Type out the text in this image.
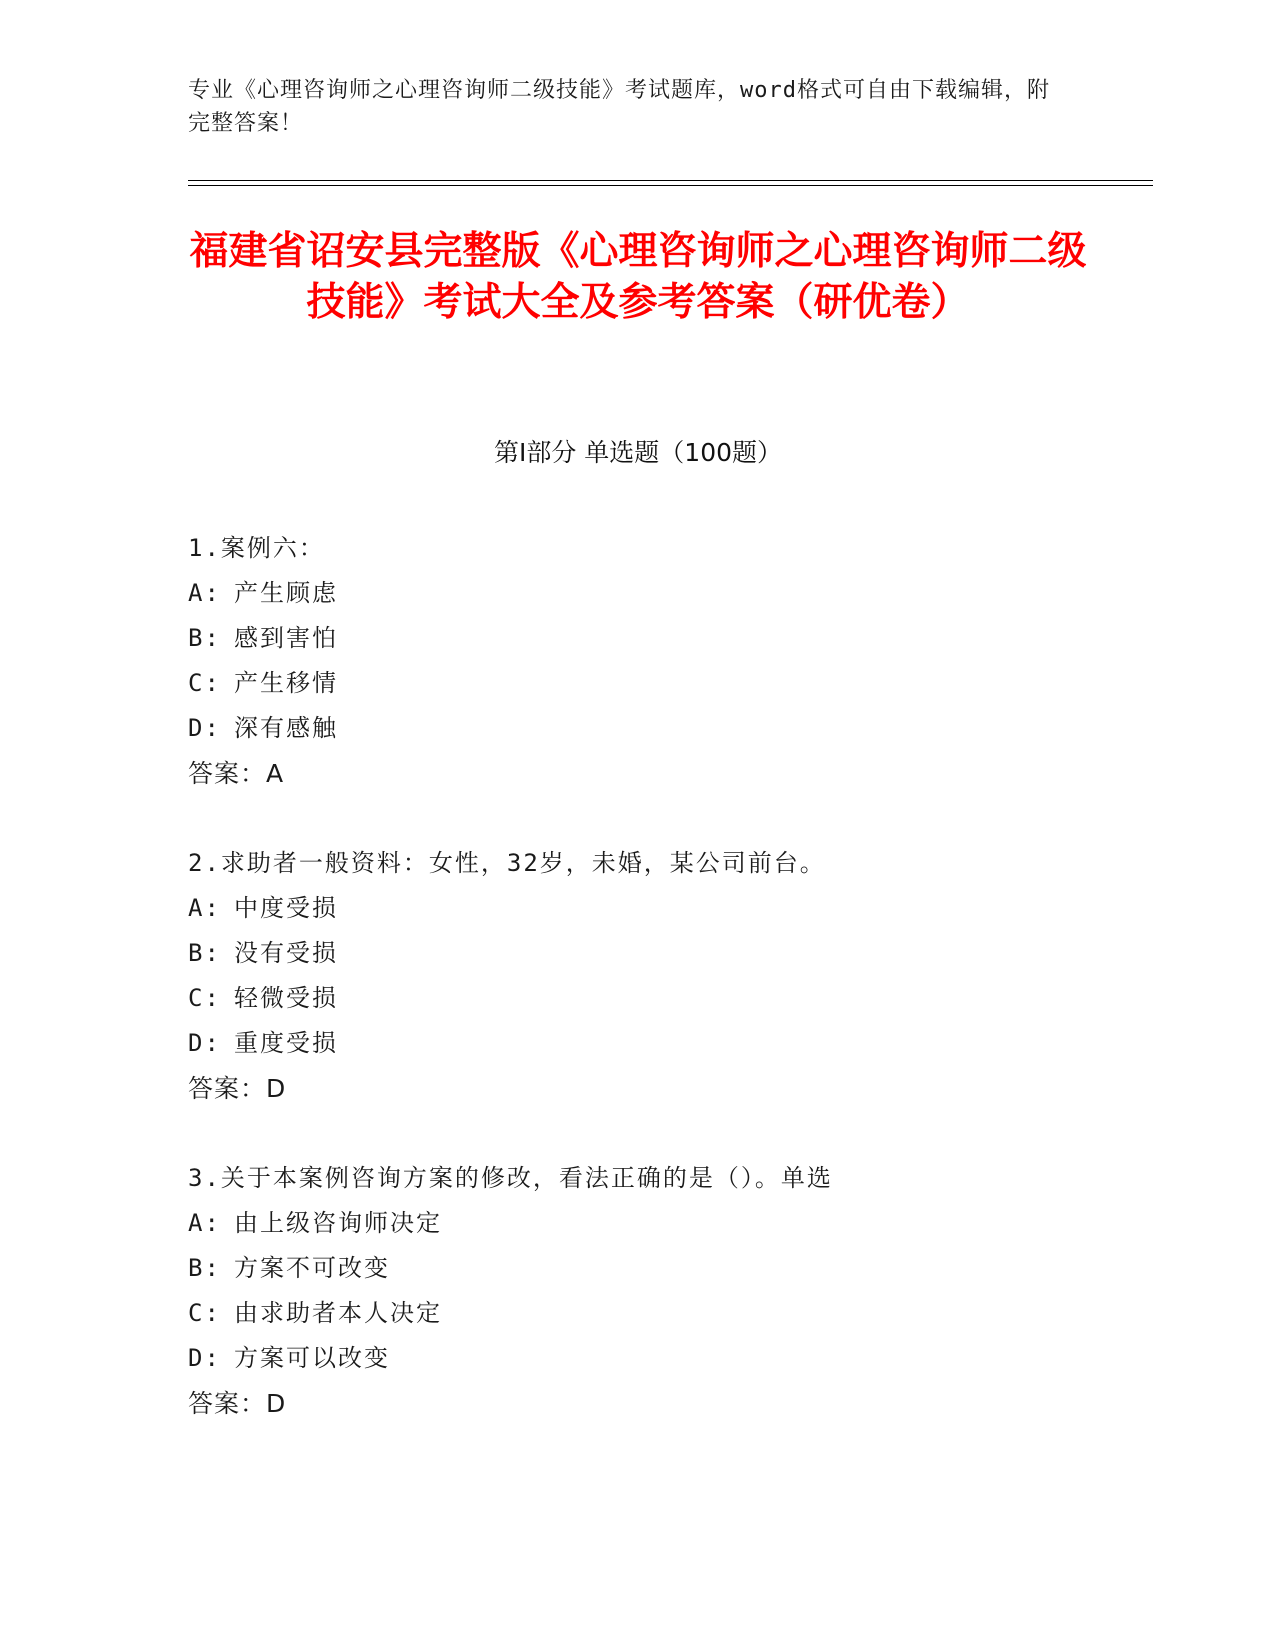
专业《心理咨询师之心理咨询师二级技能》考试题库，word格式可自由下载编辑，附完整答案！
福建省诏安县完整版《心理咨询师之心理咨询师二级技能》考试大全及参考答案（研优卷）
第I部分 单选题（100题）
1.案例六：
A: 产生顾虑
B: 感到害怕
C: 产生移情
D: 深有感触
答案：A
2.求助者一般资料：女性，32岁，未婚，某公司前台。
A: 中度受损
B: 没有受损
C: 轻微受损
D: 重度受损
答案：D
3.关于本案例咨询方案的修改，看法正确的是（）。单选
A: 由上级咨询师决定
B: 方案不可改变
C: 由求助者本人决定
D: 方案可以改变
答案：D
